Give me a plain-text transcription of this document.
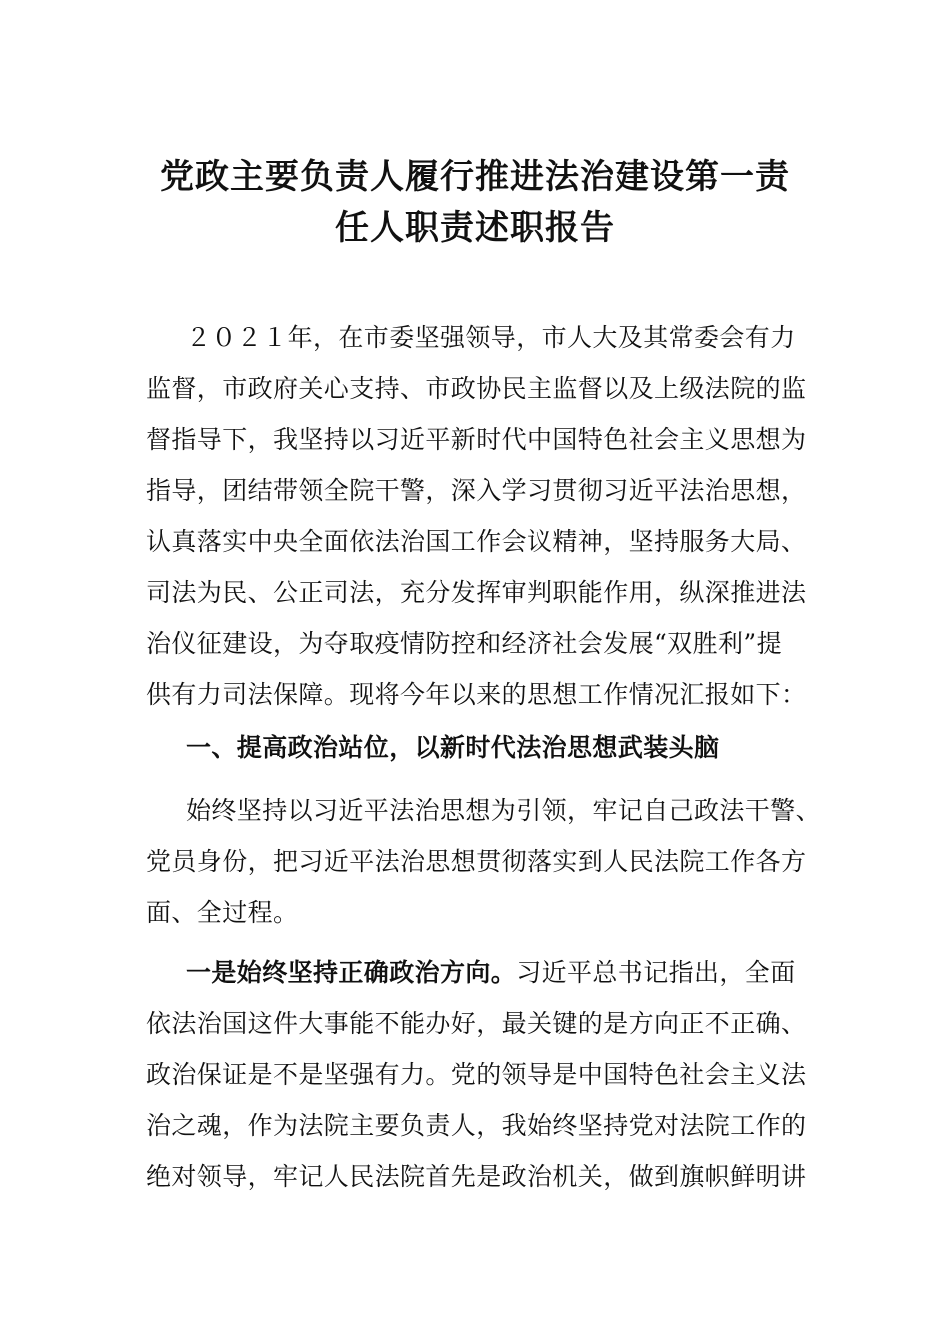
党政主要负责人履行推进法治建设第一责
任人职责述职报告

２０２１年，在市委坚强领导，市人大及其常委会有力

监督，市政府关心支持、市政协民主监督以及上级法院的监

督指导下，我坚持以习近平新时代中国特色社会主义思想为

指导，团结带领全院干警，深入学习贯彻习近平法治思想，

认真落实中央全面依法治国工作会议精神，坚持服务大局、

司法为民、公正司法，充分发挥审判职能作用，纵深推进法

治仪征建设，为夺取疫情防控和经济社会发展“双胜利”提

供有力司法保障。现将今年以来的思想工作情况汇报如下：

一、提高政治站位，以新时代法治思想武装头脑

始终坚持以习近平法治思想为引领，牢记自己政法干警、

党员身份，把习近平法治思想贯彻落实到人民法院工作各方

面、全过程。

一是始终坚持正确政治方向。习近平总书记指出，全面

依法治国这件大事能不能办好，最关键的是方向正不正确、

政治保证是不是坚强有力。党的领导是中国特色社会主义法

治之魂，作为法院主要负责人，我始终坚持党对法院工作的

绝对领导，牢记人民法院首先是政治机关，做到旗帜鲜明讲
